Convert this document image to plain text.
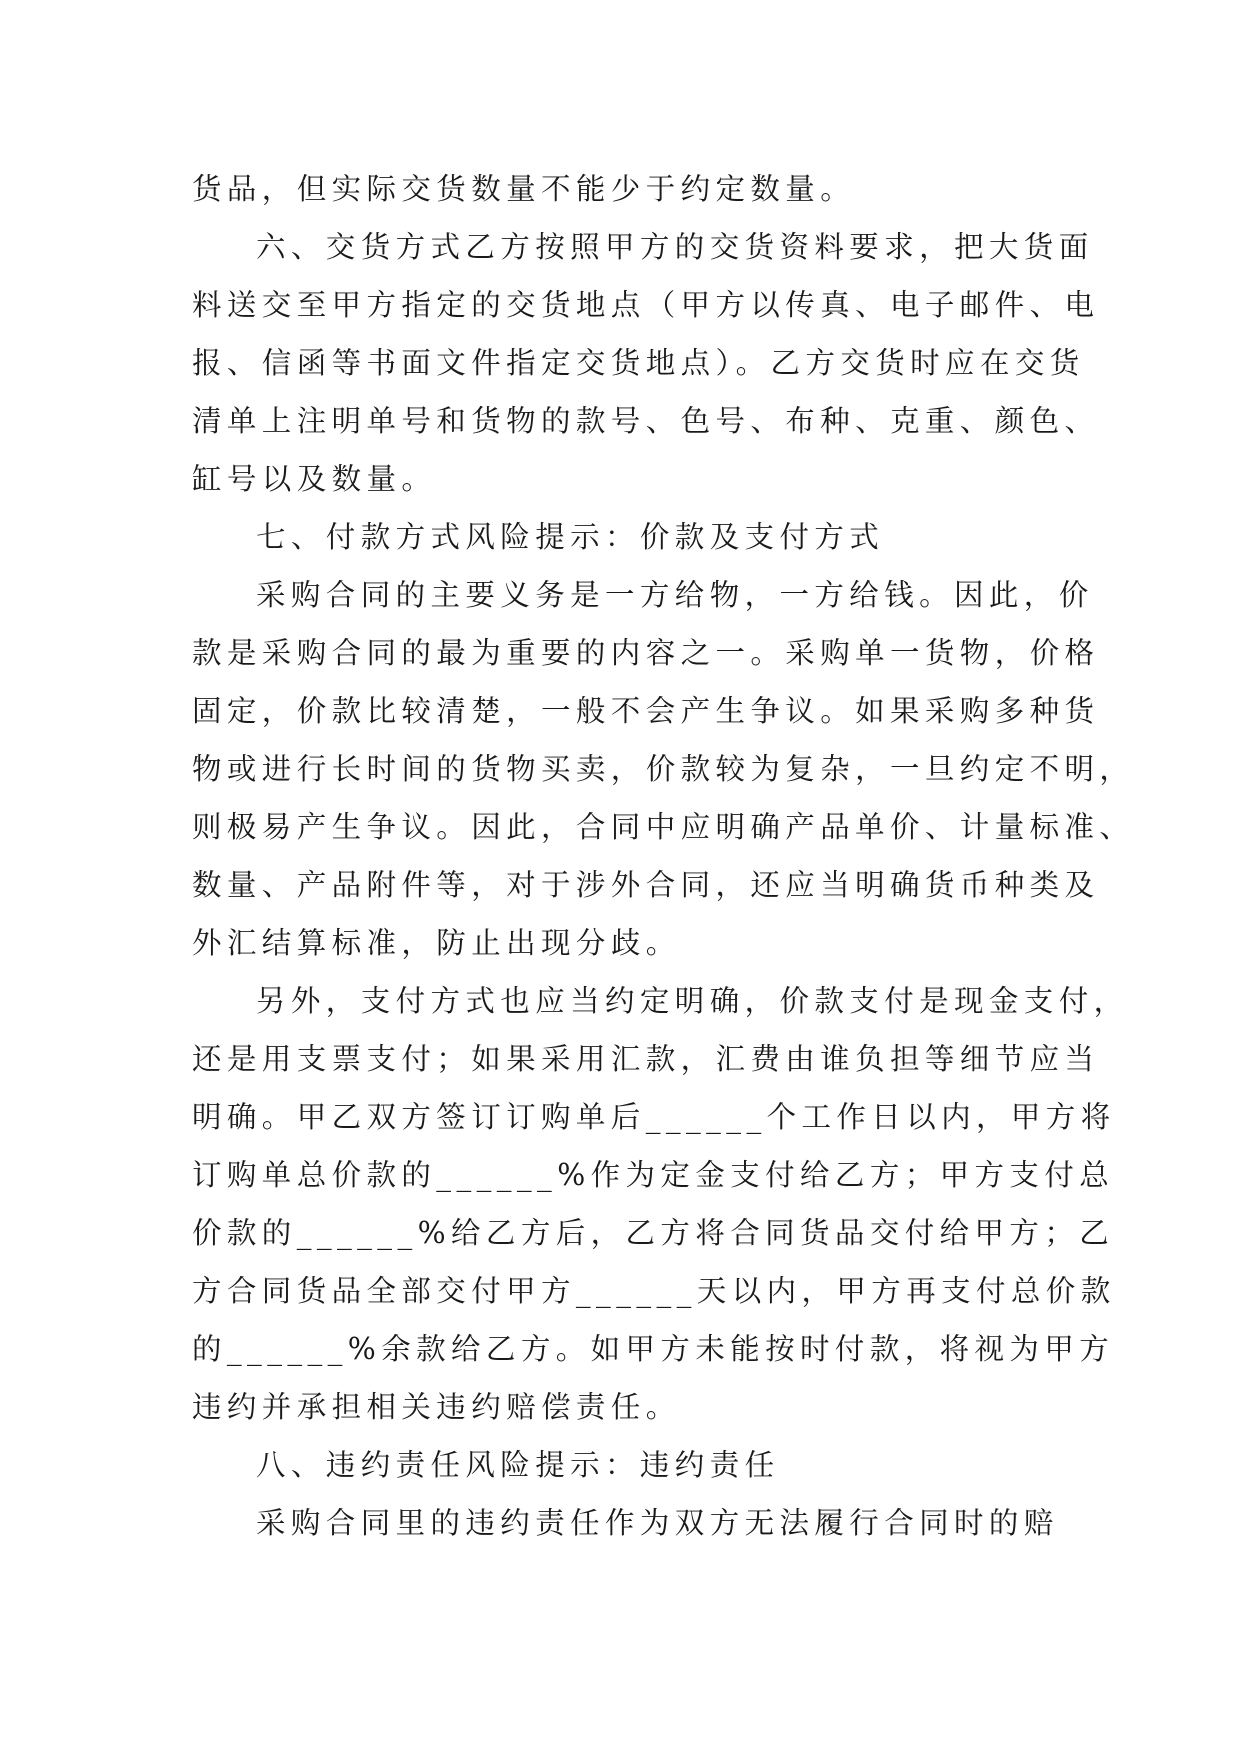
货品，但实际交货数量不能少于约定数量。
六、交货方式乙方按照甲方的交货资料要求，把大货面
料送交至甲方指定的交货地点（甲方以传真、电子邮件、电
报、信函等书面文件指定交货地点）。乙方交货时应在交货
清单上注明单号和货物的款号、色号、布种、克重、颜色、
缸号以及数量。
七、付款方式风险提示：价款及支付方式
采购合同的主要义务是一方给物，一方给钱。因此，价
款是采购合同的最为重要的内容之一。采购单一货物，价格
固定，价款比较清楚，一般不会产生争议。如果采购多种货
物或进行长时间的货物买卖，价款较为复杂，一旦约定不明，
则极易产生争议。因此，合同中应明确产品单价、计量标准、
数量、产品附件等，对于涉外合同，还应当明确货币种类及
外汇结算标准，防止出现分歧。
另外，支付方式也应当约定明确，价款支付是现金支付，
还是用支票支付；如果采用汇款，汇费由谁负担等细节应当
明确。甲乙双方签订订购单后______个工作日以内，甲方将
订购单总价款的______%作为定金支付给乙方；甲方支付总
价款的______%给乙方后，乙方将合同货品交付给甲方；乙
方合同货品全部交付甲方______天以内，甲方再支付总价款
的______%余款给乙方。如甲方未能按时付款，将视为甲方
违约并承担相关违约赔偿责任。
八、违约责任风险提示：违约责任
采购合同里的违约责任作为双方无法履行合同时的赔
